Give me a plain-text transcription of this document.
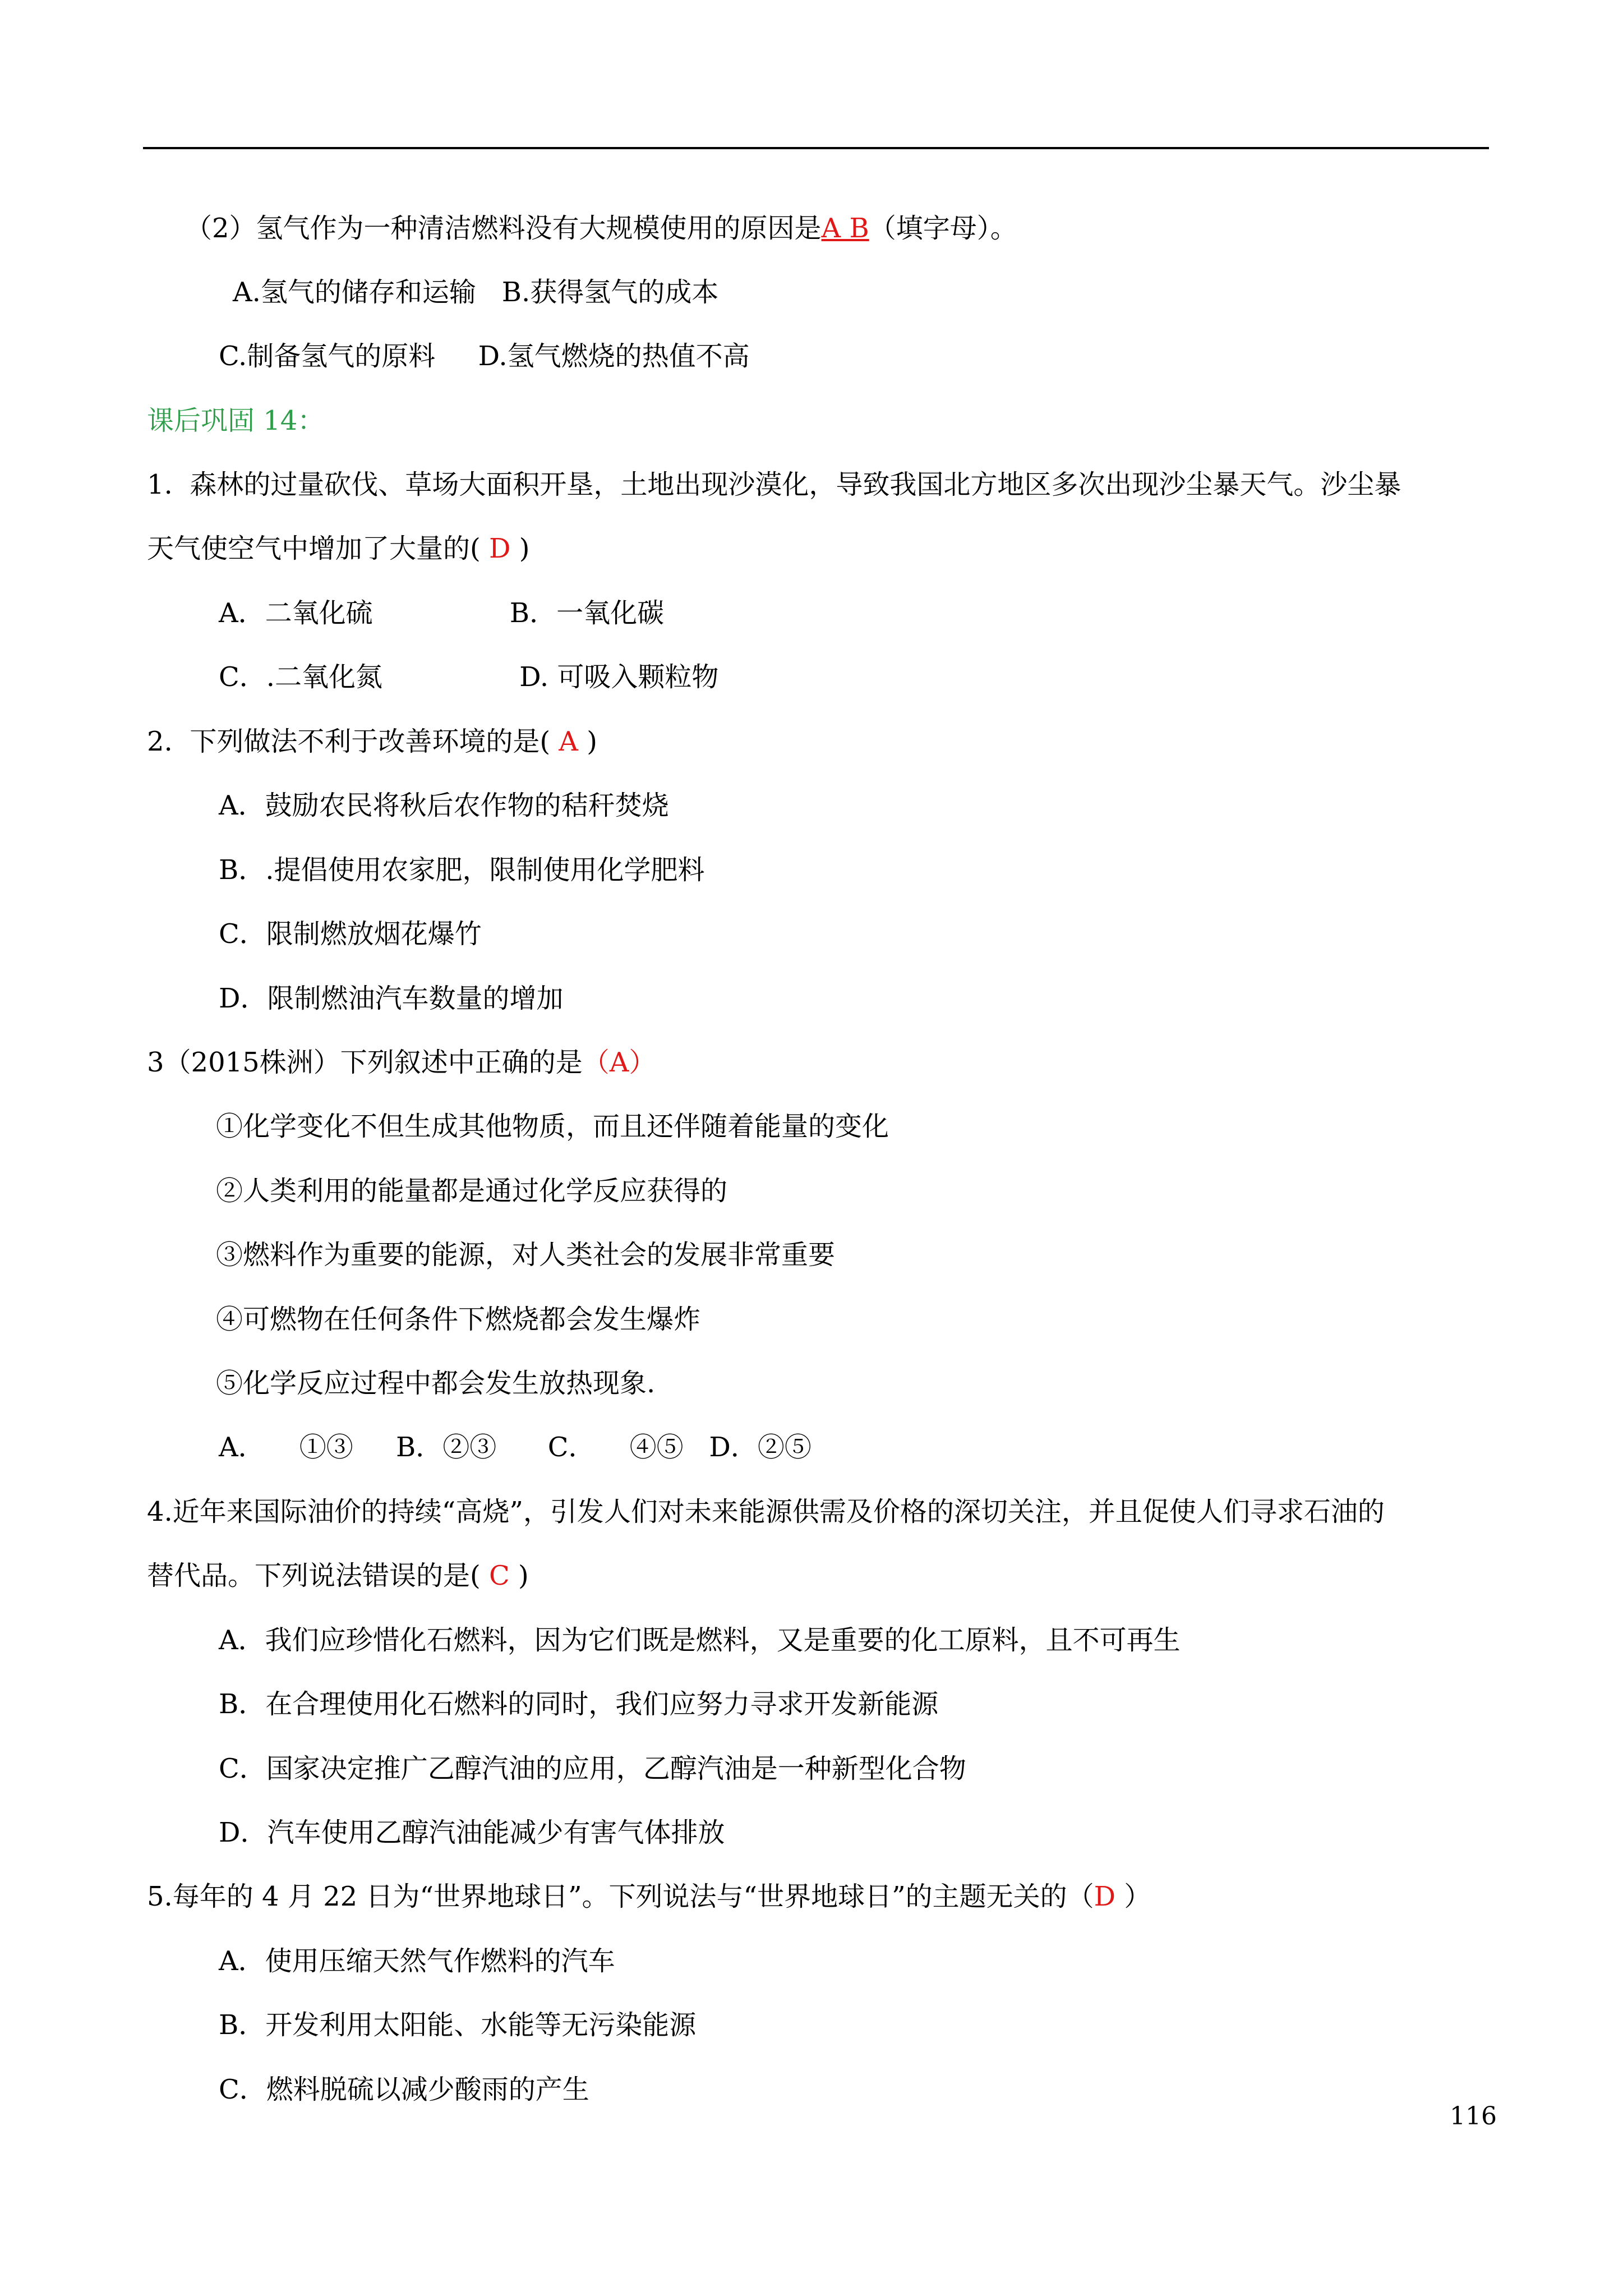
（2）氢气作为一种清洁燃料没有大规模使用的原因是A B（填字母）。
A.氢气的储存和运输   B.获得氢气的成本
C.制备氢气的原料     D.氢气燃烧的热值不高
课后巩固 14：
1.  森林的过量砍伐、草场大面积开垦，土地出现沙漠化，导致我国北方地区多次出现沙尘暴天气。沙尘暴
天气使空气中增加了大量的( D )
A．二氧化硫                B．一氧化碳
C．.二氧化氮                D. 可吸入颗粒物
2.  下列做法不利于改善环境的是( A )
A．鼓励农民将秋后农作物的秸秆焚烧
B．.提倡使用农家肥，限制使用化学肥料
C．限制燃放烟花爆竹
D．限制燃油汽车数量的增加
3（2015株洲）下列叙述中正确的是（A）
①化学变化不但生成其他物质，而且还伴随着能量的变化
②人类利用的能量都是通过化学反应获得的
③燃料作为重要的能源，对人类社会的发展非常重要
④可燃物在任何条件下燃烧都会发生爆炸
⑤化学反应过程中都会发生放热现象.
A．    ①③     B．②③      C．    ④⑤   D．②⑤
4.近年来国际油价的持续“高烧”，引发人们对未来能源供需及价格的深切关注，并且促使人们寻求石油的
替代品。下列说法错误的是( C )
A．我们应珍惜化石燃料，因为它们既是燃料，又是重要的化工原料，且不可再生
B．在合理使用化石燃料的同时，我们应努力寻求开发新能源
C．国家决定推广乙醇汽油的应用，乙醇汽油是一种新型化合物
D．汽车使用乙醇汽油能减少有害气体排放
5.每年的 4 月 22 日为“世界地球日”。下列说法与“世界地球日”的主题无关的（D ）
A．使用压缩天然气作燃料的汽车
B．开发利用太阳能、水能等无污染能源
C．燃料脱硫以减少酸雨的产生
116
